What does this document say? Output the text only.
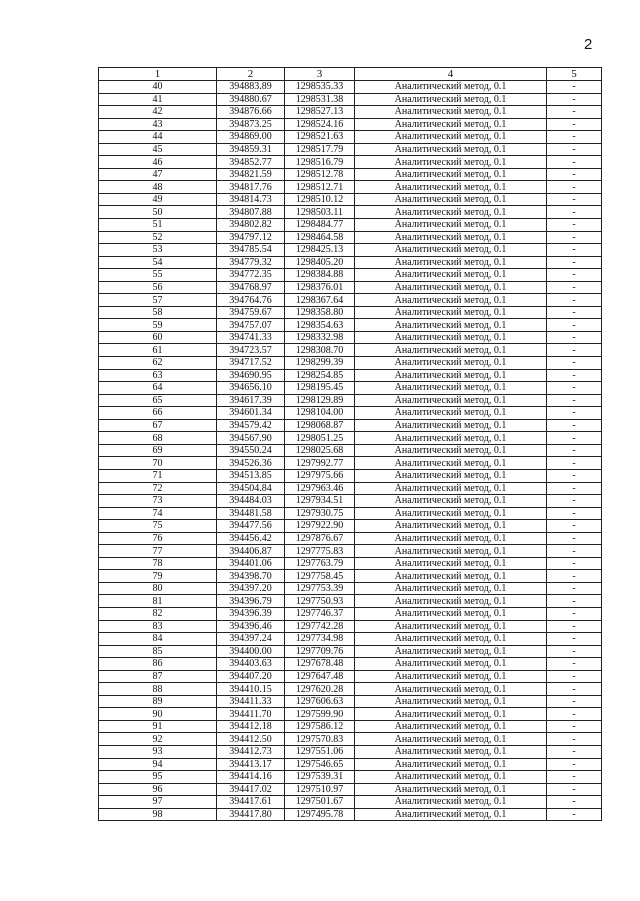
2
1	2	3	4	5
40	394883.89	1298535.33	Аналитический метод, 0.1	-
41	394880.67	1298531.38	Аналитический метод, 0.1	-
42	394876.66	1298527.13	Аналитический метод, 0.1	-
43	394873.25	1298524.16	Аналитический метод, 0.1	-
44	394869.00	1298521.63	Аналитический метод, 0.1	-
45	394859.31	1298517.79	Аналитический метод, 0.1	-
46	394852.77	1298516.79	Аналитический метод, 0.1	-
47	394821.59	1298512.78	Аналитический метод, 0.1	-
48	394817.76	1298512.71	Аналитический метод, 0.1	-
49	394814.73	1298510.12	Аналитический метод, 0.1	-
50	394807.88	1298503.11	Аналитический метод, 0.1	-
51	394802.82	1298484.77	Аналитический метод, 0.1	-
52	394797.12	1298464.58	Аналитический метод, 0.1	-
53	394785.54	1298425.13	Аналитический метод, 0.1	-
54	394779.32	1298405.20	Аналитический метод, 0.1	-
55	394772.35	1298384.88	Аналитический метод, 0.1	-
56	394768.97	1298376.01	Аналитический метод, 0.1	-
57	394764.76	1298367.64	Аналитический метод, 0.1	-
58	394759.67	1298358.80	Аналитический метод, 0.1	-
59	394757.07	1298354.63	Аналитический метод, 0.1	-
60	394741.33	1298332.98	Аналитический метод, 0.1	-
61	394723.57	1298308.70	Аналитический метод, 0.1	-
62	394717.52	1298299.39	Аналитический метод, 0.1	-
63	394690.95	1298254.85	Аналитический метод, 0.1	-
64	394656.10	1298195.45	Аналитический метод, 0.1	-
65	394617.39	1298129.89	Аналитический метод, 0.1	-
66	394601.34	1298104.00	Аналитический метод, 0.1	-
67	394579.42	1298068.87	Аналитический метод, 0.1	-
68	394567.90	1298051.25	Аналитический метод, 0.1	-
69	394550.24	1298025.68	Аналитический метод, 0.1	-
70	394526.36	1297992.77	Аналитический метод, 0.1	-
71	394513.85	1297975.66	Аналитический метод, 0.1	-
72	394504.84	1297963.46	Аналитический метод, 0.1	-
73	394484.03	1297934.51	Аналитический метод, 0.1	-
74	394481.58	1297930.75	Аналитический метод, 0.1	-
75	394477.56	1297922.90	Аналитический метод, 0.1	-
76	394456.42	1297876.67	Аналитический метод, 0.1	-
77	394406.87	1297775.83	Аналитический метод, 0.1	-
78	394401.06	1297763.79	Аналитический метод, 0.1	-
79	394398.70	1297758.45	Аналитический метод, 0.1	-
80	394397.20	1297753.39	Аналитический метод, 0.1	-
81	394396.79	1297750.93	Аналитический метод, 0.1	-
82	394396.39	1297746.37	Аналитический метод, 0.1	-
83	394396.46	1297742.28	Аналитический метод, 0.1	-
84	394397.24	1297734.98	Аналитический метод, 0.1	-
85	394400.00	1297709.76	Аналитический метод, 0.1	-
86	394403.63	1297678.48	Аналитический метод, 0.1	-
87	394407.20	1297647.48	Аналитический метод, 0.1	-
88	394410.15	1297620.28	Аналитический метод, 0.1	-
89	394411.33	1297606.63	Аналитический метод, 0.1	-
90	394411.70	1297599.90	Аналитический метод, 0.1	-
91	394412.18	1297586.12	Аналитический метод, 0.1	-
92	394412.50	1297570.83	Аналитический метод, 0.1	-
93	394412.73	1297551.06	Аналитический метод, 0.1	-
94	394413.17	1297546.65	Аналитический метод, 0.1	-
95	394414.16	1297539.31	Аналитический метод, 0.1	-
96	394417.02	1297510.97	Аналитический метод, 0.1	-
97	394417.61	1297501.67	Аналитический метод, 0.1	-
98	394417.80	1297495.78	Аналитический метод, 0.1	-
